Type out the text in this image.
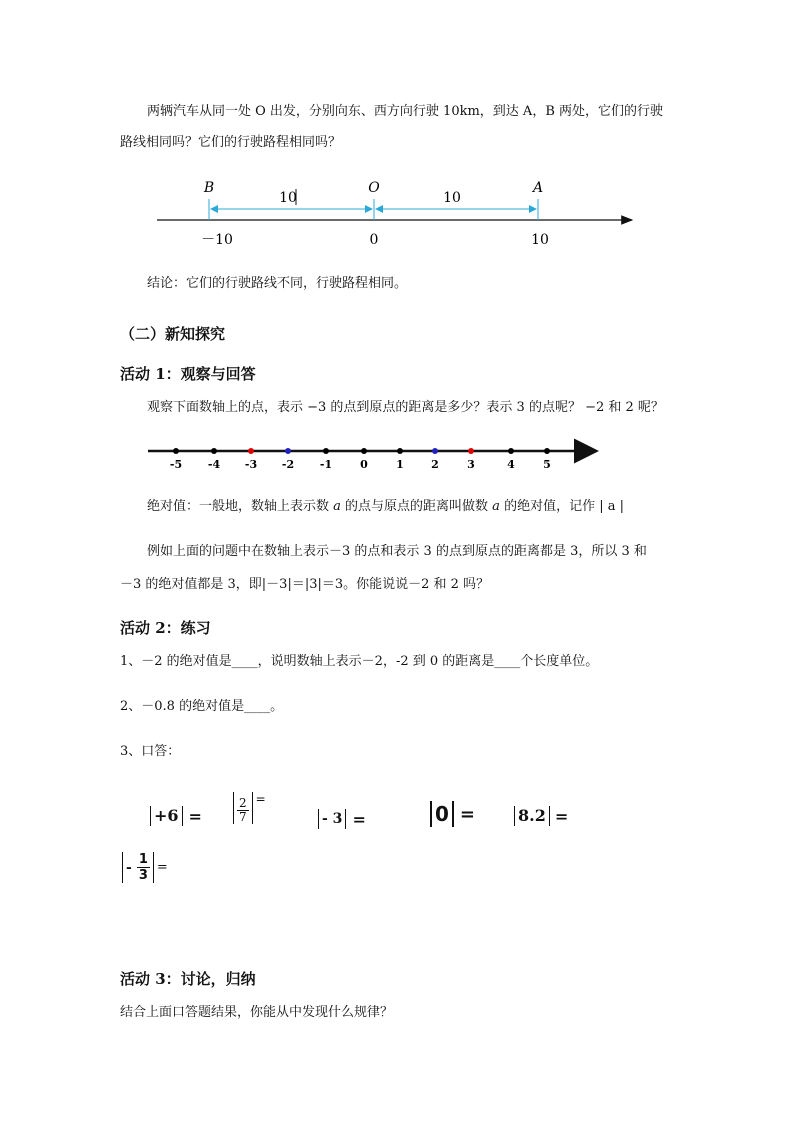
两辆汽车从同一处 O 出发，分别向东、西方向行驶 10km，到达 A，B 两处，它们的行驶
路线相同吗？它们的行驶路程相同吗？
B	O	A
10	10
－10	0	10
结论：它们的行驶路线不同，行驶路程相同。
（二）新知探究
活动 1：观察与回答
观察下面数轴上的点，表示 −3 的点到原点的距离是多少？表示 3 的点呢？ −2 和 2 呢？
-5 -4 -3 -2 -1	0	1 2	3	4	5
绝对值：一般地，数轴上表示数 a 的点与原点的距离叫做数 a 的绝对值，记作 | a |
例如上面的问题中在数轴上表示－3 的点和表示 3 的点到原点的距离都是 3，所以 3 和
－3 的绝对值都是 3，即|－3|＝|3|＝3。你能说说－2 和 2 吗？
活动 2：练习
1、－2 的绝对值是____，说明数轴上表示－2，-2 到 0 的距离是____个长度单位。
2、－0.8 的绝对值是____。
3、口答：
+6 =	$\frac{2}{7}$ =
- 3 =	0 =	8.2 =
- $\frac{1}{3}$ =
活动 3：讨论，归纳
结合上面口答题结果，你能从中发现什么规律？
